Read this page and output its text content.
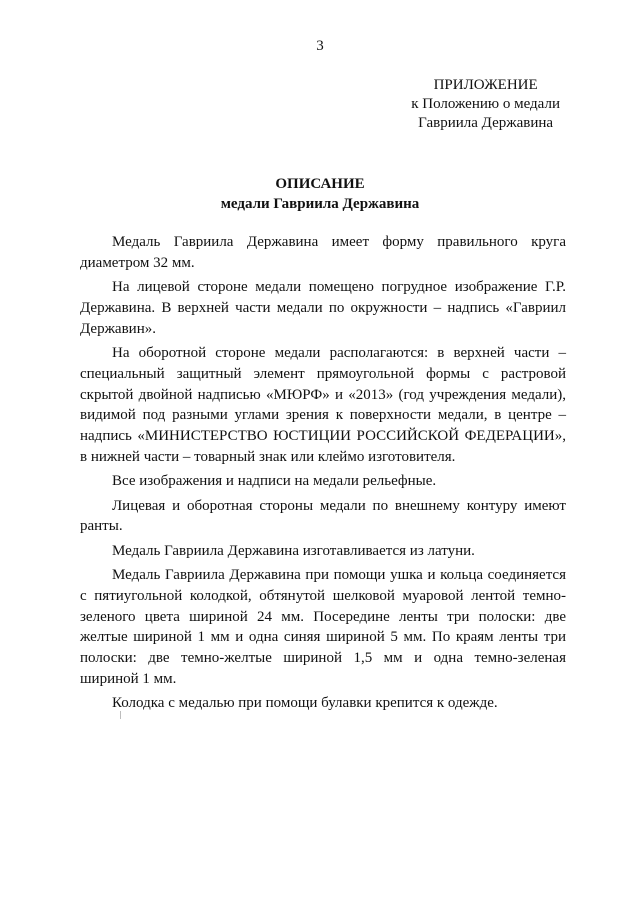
3
ПРИЛОЖЕНИЕ
к Положению о медали
Гавриила Державина
ОПИСАНИЕ
медали Гавриила Державина

Медаль Гавриила Державина имеет форму правильного круга диаметром 32 мм.

На лицевой стороне медали помещено погрудное изображение Г.Р. Державина. В верхней части медали по окружности – надпись «Гавриил Державин».

На оборотной стороне медали располагаются: в верхней части – специальный защитный элемент прямоугольной формы с растровой скрытой двойной надписью «МЮРФ» и «2013» (год учреждения медали), видимой под разными углами зрения к поверхности медали, в центре – надпись «МИНИСТЕРСТВО ЮСТИЦИИ РОССИЙСКОЙ ФЕДЕРАЦИИ», в нижней части – товарный знак или клеймо изготовителя.

Все изображения и надписи на медали рельефные.

Лицевая и оборотная стороны медали по внешнему контуру имеют ранты.

Медаль Гавриила Державина изготавливается из латуни.

Медаль Гавриила Державина при помощи ушка и кольца соединяется с пятиугольной колодкой, обтянутой шелковой муаровой лентой темно-зеленого цвета шириной 24 мм. Посередине ленты три полоски: две желтые шириной 1 мм и одна синяя шириной 5 мм. По краям ленты три полоски: две темно-желтые шириной 1,5 мм и одна темно-зеленая шириной 1 мм.

Колодка с медалью при помощи булавки крепится к одежде.
